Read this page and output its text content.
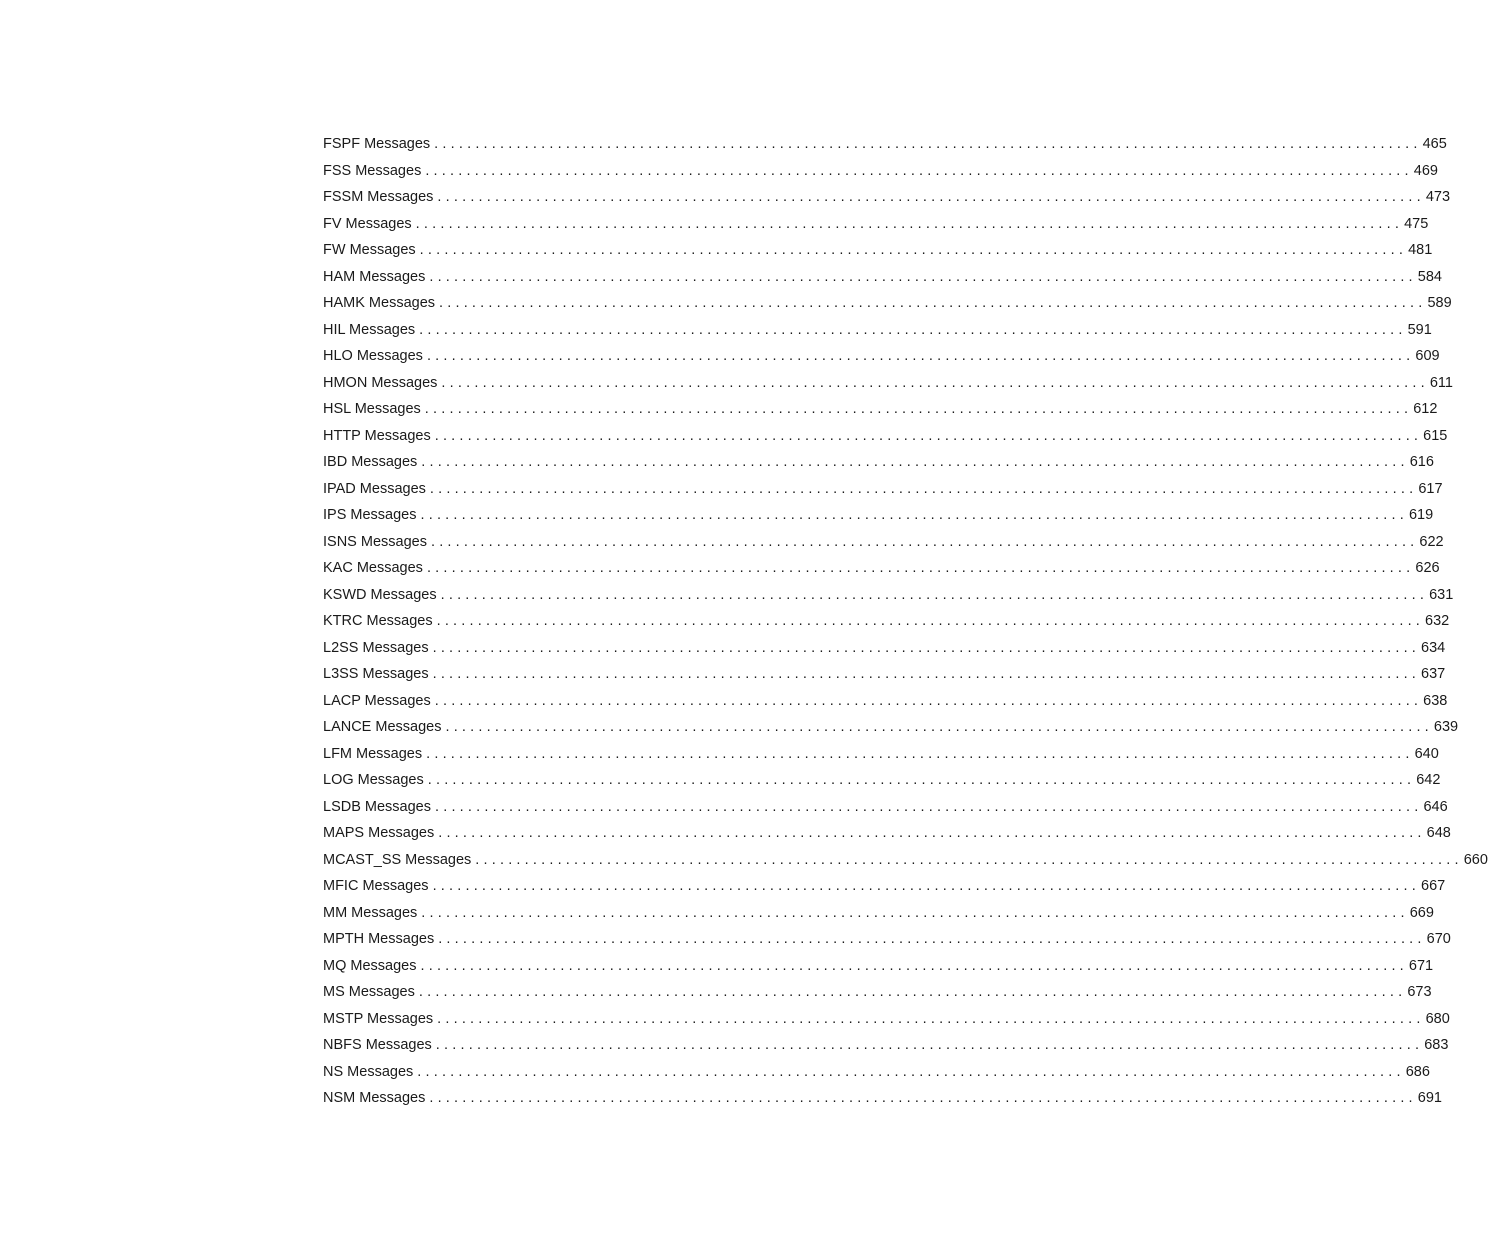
FSPF Messages ........................................................................................................................ 465
FSS Messages ........................................................................................................................ 469
FSSM Messages ........................................................................................................................ 473
FV Messages ........................................................................................................................ 475
FW Messages ........................................................................................................................ 481
HAM Messages ........................................................................................................................ 584
HAMK Messages ........................................................................................................................ 589
HIL Messages ........................................................................................................................ 591
HLO Messages ........................................................................................................................ 609
HMON Messages ........................................................................................................................ 611
HSL Messages ........................................................................................................................ 612
HTTP Messages ........................................................................................................................ 615
IBD Messages ........................................................................................................................ 616
IPAD Messages ........................................................................................................................ 617
IPS Messages ........................................................................................................................ 619
ISNS Messages ........................................................................................................................ 622
KAC Messages ........................................................................................................................ 626
KSWD Messages ........................................................................................................................ 631
KTRC Messages ........................................................................................................................ 632
L2SS Messages ........................................................................................................................ 634
L3SS Messages ........................................................................................................................ 637
LACP Messages ........................................................................................................................ 638
LANCE Messages ........................................................................................................................ 639
LFM Messages ........................................................................................................................ 640
LOG Messages ........................................................................................................................ 642
LSDB Messages ........................................................................................................................ 646
MAPS Messages ........................................................................................................................ 648
MCAST_SS Messages ........................................................................................................................ 660
MFIC Messages ........................................................................................................................ 667
MM Messages ........................................................................................................................ 669
MPTH Messages ........................................................................................................................ 670
MQ Messages ........................................................................................................................ 671
MS Messages ........................................................................................................................ 673
MSTP Messages ........................................................................................................................ 680
NBFS Messages ........................................................................................................................ 683
NS Messages ........................................................................................................................ 686
NSM Messages ........................................................................................................................ 691
